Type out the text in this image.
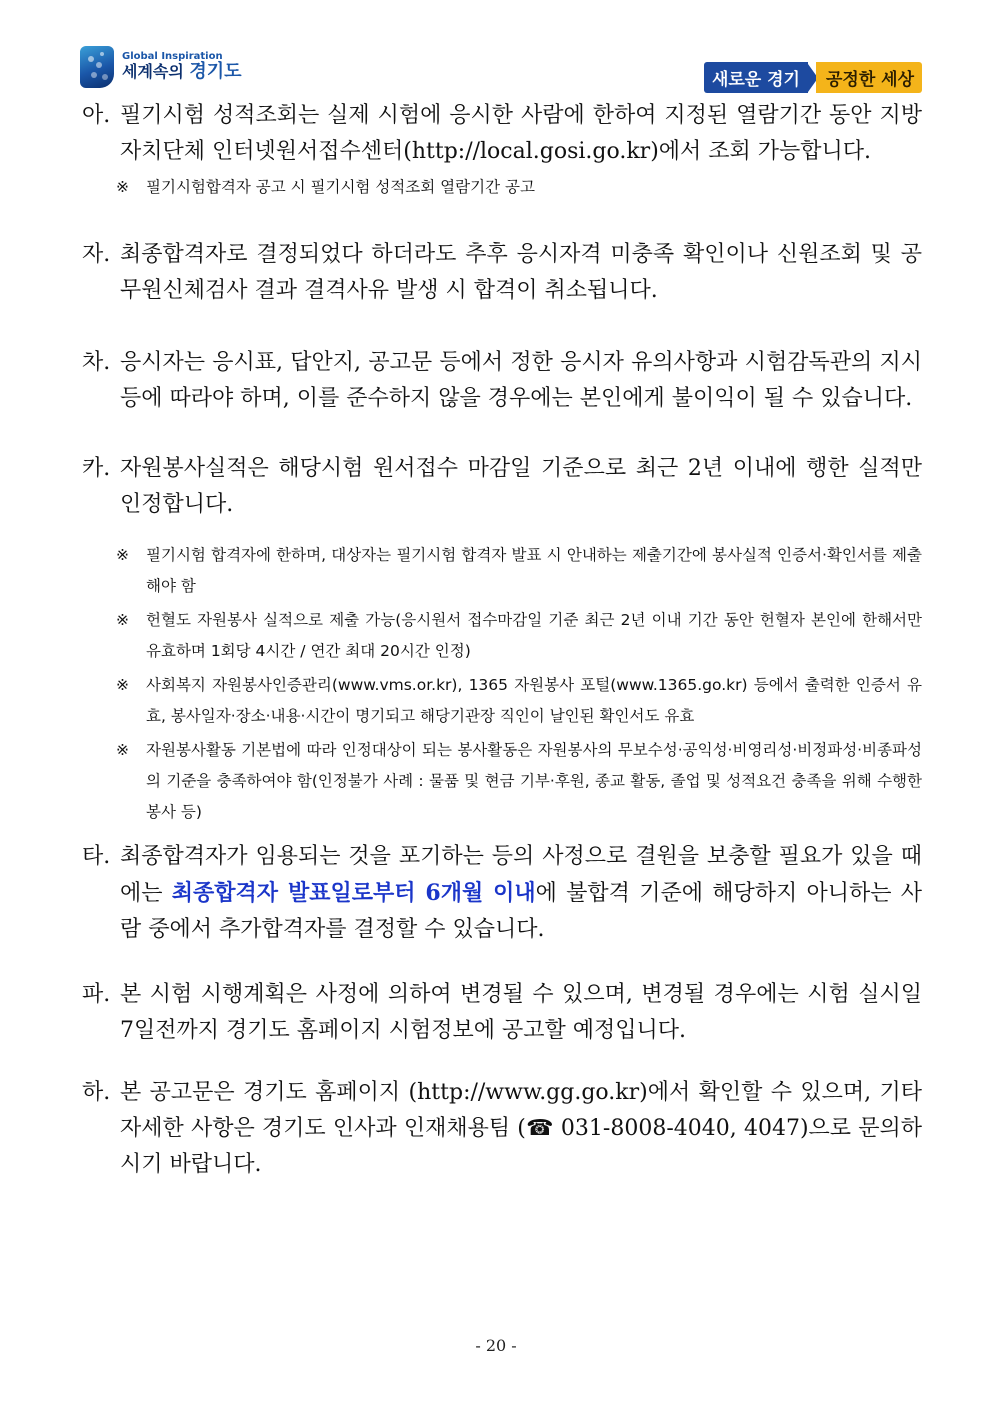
Global Inspiration
세계속의 경기도	새로운 경기	공정한 세상
아. 필기시험 성적조회는 실제 시험에 응시한 사람에 한하여 지정된 열람기간 동안 지방자치단체 인터넷원서접수센터(http://local.gosi.go.kr)에서 조회 가능합니다.
※ 필기시험합격자 공고 시 필기시험 성적조회 열람기간 공고
자. 최종합격자로 결정되었다 하더라도 추후 응시자격 미충족 확인이나 신원조회 및 공무원신체검사 결과 결격사유 발생 시 합격이 취소됩니다.
차. 응시자는 응시표, 답안지, 공고문 등에서 정한 응시자 유의사항과 시험감독관의 지시 등에 따라야 하며, 이를 준수하지 않을 경우에는 본인에게 불이익이 될 수 있습니다.
카. 자원봉사실적은 해당시험 원서접수 마감일 기준으로 최근 2년 이내에 행한 실적만 인정합니다.
※ 필기시험 합격자에 한하며, 대상자는 필기시험 합격자 발표 시 안내하는 제출기간에 봉사실적 인증서·확인서를 제출해야 함
※ 헌혈도 자원봉사 실적으로 제출 가능(응시원서 접수마감일 기준 최근 2년 이내 기간 동안 헌혈자 본인에 한해서만 유효하며 1회당 4시간 / 연간 최대 20시간 인정)
※ 사회복지 자원봉사인증관리(www.vms.or.kr), 1365 자원봉사 포털(www.1365.go.kr) 등에서 출력한 인증서 유효, 봉사일자·장소·내용·시간이 명기되고 해당기관장 직인이 날인된 확인서도 유효
※ 자원봉사활동 기본법에 따라 인정대상이 되는 봉사활동은 자원봉사의 무보수성·공익성·비영리성·비정파성·비종파성의 기준을 충족하여야 함(인정불가 사례 : 물품 및 현금 기부·후원, 종교 활동, 졸업 및 성적요건 충족을 위해 수행한 봉사 등)
타. 최종합격자가 임용되는 것을 포기하는 등의 사정으로 결원을 보충할 필요가 있을 때에는 최종합격자 발표일로부터 6개월 이내에 불합격 기준에 해당하지 아니하는 사람 중에서 추가합격자를 결정할 수 있습니다.
파. 본 시험 시행계획은 사정에 의하여 변경될 수 있으며, 변경될 경우에는 시험 실시일 7일전까지 경기도 홈페이지 시험정보에 공고할 예정입니다.
하. 본 공고문은 경기도 홈페이지 (http://www.gg.go.kr)에서 확인할 수 있으며, 기타 자세한 사항은 경기도 인사과 인재채용팀 (☎ 031-8008-4040, 4047)으로 문의하시기 바랍니다.
- 20 -
